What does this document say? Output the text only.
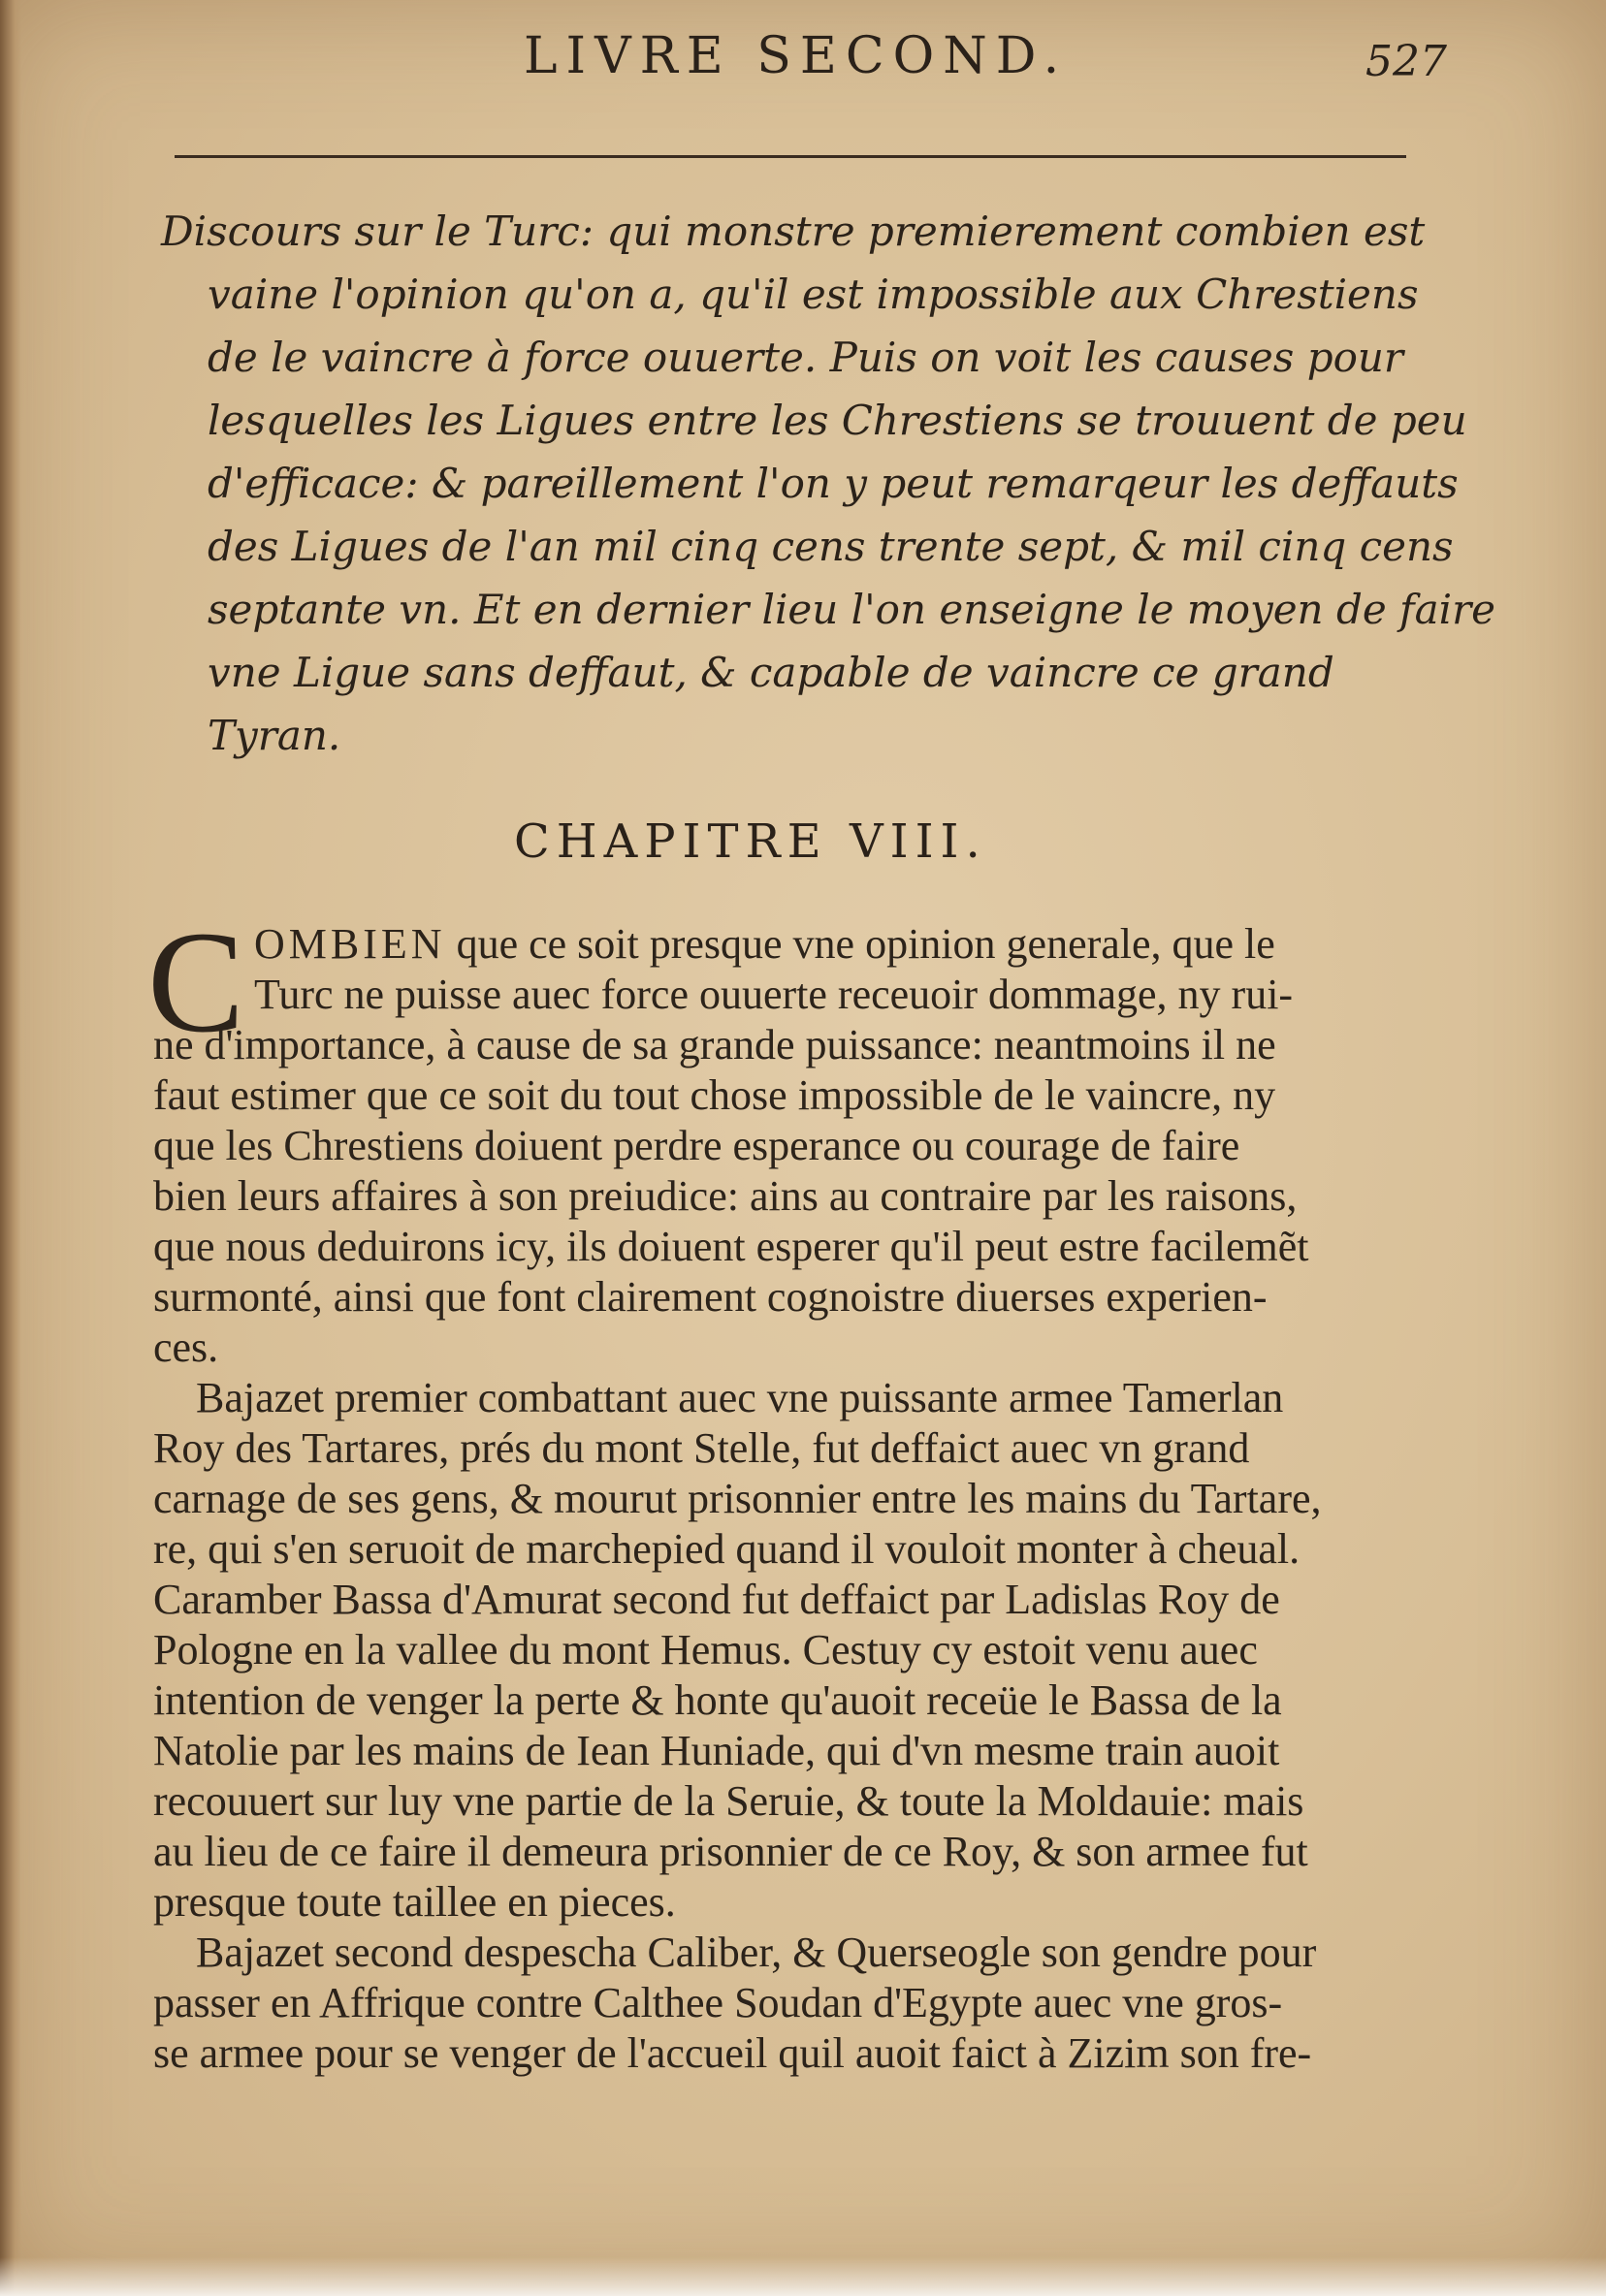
LIVRE SECOND.	527
Discours sur le Turc: qui monstre premierement combien est
vaine l'opinion qu'on a, qu'il est impossible aux Chrestiens
de le vaincre à force ouuerte. Puis on voit les causes pour
lesquelles les Ligues entre les Chrestiens se trouuent de peu
d'efficace: & pareillement l'on y peut remarqeur les deffauts
des Ligues de l'an mil cinq cens trente sept, & mil cinq cens
septante vn. Et en dernier lieu l'on enseigne le moyen de faire
vne Ligue sans deffaut, & capable de vaincre ce grand
Tyran.
CHAPITRE VIII.
C OMBIEN que ce soit presque vne opinion generale, que le
Turc ne puisse auec force ouuerte receuoir dommage, ny rui-
ne d'importance, à cause de sa grande puissance: neantmoins il ne
faut estimer que ce soit du tout chose impossible de le vaincre, ny
que les Chrestiens doiuent perdre esperance ou courage de faire
bien leurs affaires à son preiudice: ains au contraire par les raisons,
que nous deduirons icy, ils doiuent esperer qu'il peut estre facilemẽt
surmonté, ainsi que font clairement cognoistre diuerses experien-
ces.
Bajazet premier combattant auec vne puissante armee Tamerlan
Roy des Tartares, prés du mont Stelle, fut deffaict auec vn grand
carnage de ses gens, & mourut prisonnier entre les mains du Tartare,
re, qui s'en seruoit de marchepied quand il vouloit monter à cheual.
Caramber Bassa d'Amurat second fut deffaict par Ladislas Roy de
Pologne en la vallee du mont Hemus. Cestuy cy estoit venu auec
intention de venger la perte & honte qu'auoit receüe le Bassa de la
Natolie par les mains de Iean Huniade, qui d'vn mesme train auoit
recouuert sur luy vne partie de la Seruie, & toute la Moldauie: mais
au lieu de ce faire il demeura prisonnier de ce Roy, & son armee fut
presque toute taillee en pieces.
Bajazet second despescha Caliber, & Querseogle son gendre pour
passer en Affrique contre Calthee Soudan d'Egypte auec vne gros-
se armee pour se venger de l'accueil quil auoit faict à Zizim son fre-
